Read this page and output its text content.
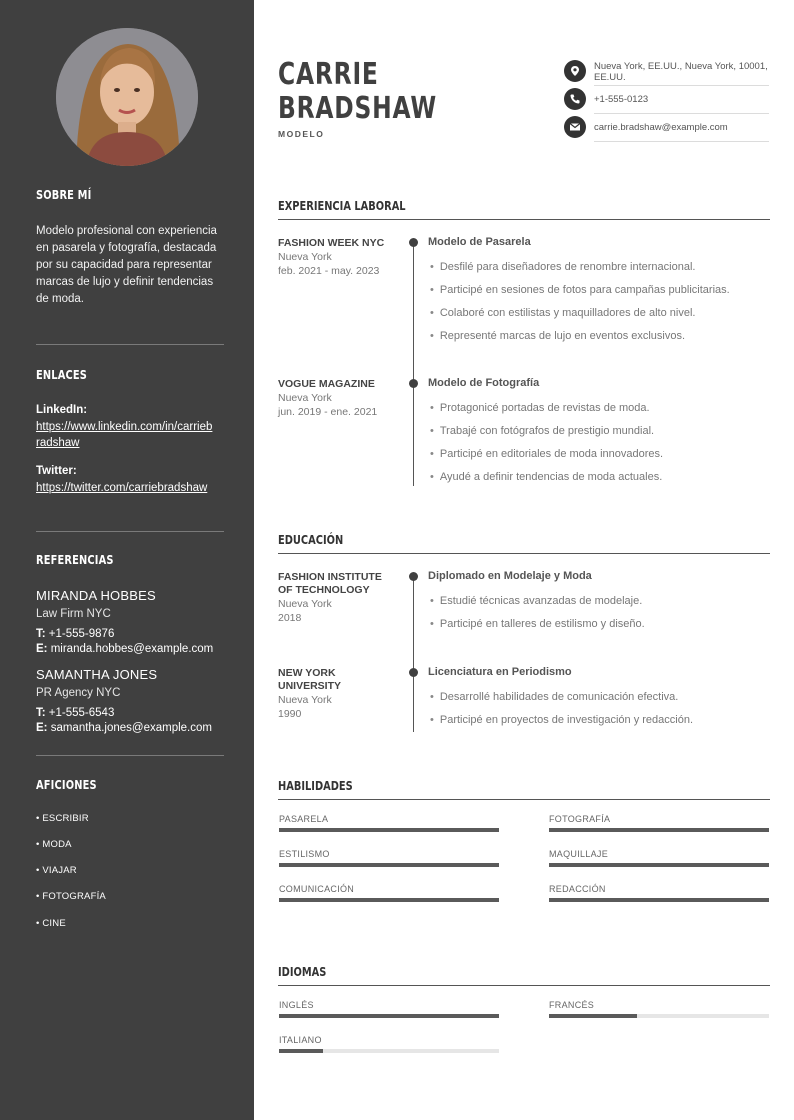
SOBRE MÍ
Modelo profesional con experiencia en pasarela y fotografía, destacada por su capacidad para representar marcas de lujo y definir tendencias de moda.
ENLACES
LinkedIn:
https://www.linkedin.com/in/carriebradshaw
Twitter:
https://twitter.com/carriebradshaw
REFERENCIAS
MIRANDA HOBBES
Law Firm NYC
T: +1-555-9876
E: miranda.hobbes@example.com
SAMANTHA JONES
PR Agency NYC
T: +1-555-6543
E: samantha.jones@example.com
AFICIONES
• ESCRIBIR
• MODA
• VIAJAR
• FOTOGRAFÍA
• CINE
CARRIE
BRADSHAW
MODELO
Nueva York, EE.UU., Nueva York, 10001, EE.UU.
+1-555-0123
carrie.bradshaw@example.com
EXPERIENCIA LABORAL
FASHION WEEK NYC
Nueva York
feb. 2021 - may. 2023
Modelo de Pasarela
• Desfilé para diseñadores de renombre internacional.
• Participé en sesiones de fotos para campañas publicitarias.
• Colaboré con estilistas y maquilladores de alto nivel.
• Representé marcas de lujo en eventos exclusivos.
VOGUE MAGAZINE
Nueva York
jun. 2019 - ene. 2021
Modelo de Fotografía
• Protagonicé portadas de revistas de moda.
• Trabajé con fotógrafos de prestigio mundial.
• Participé en editoriales de moda innovadores.
• Ayudé a definir tendencias de moda actuales.
EDUCACIÓN
FASHION INSTITUTE
OF TECHNOLOGY
Nueva York
2018
Diplomado en Modelaje y Moda
• Estudié técnicas avanzadas de modelaje.
• Participé en talleres de estilismo y diseño.
NEW YORK
UNIVERSITY
Nueva York
1990
Licenciatura en Periodismo
• Desarrollé habilidades de comunicación efectiva.
• Participé en proyectos de investigación y redacción.
HABILIDADES
PASARELA	FOTOGRAFÍA
ESTILISMO	MAQUILLAJE
COMUNICACIÓN	REDACCIÓN
IDIOMAS
INGLÉS	FRANCÉS
ITALIANO
